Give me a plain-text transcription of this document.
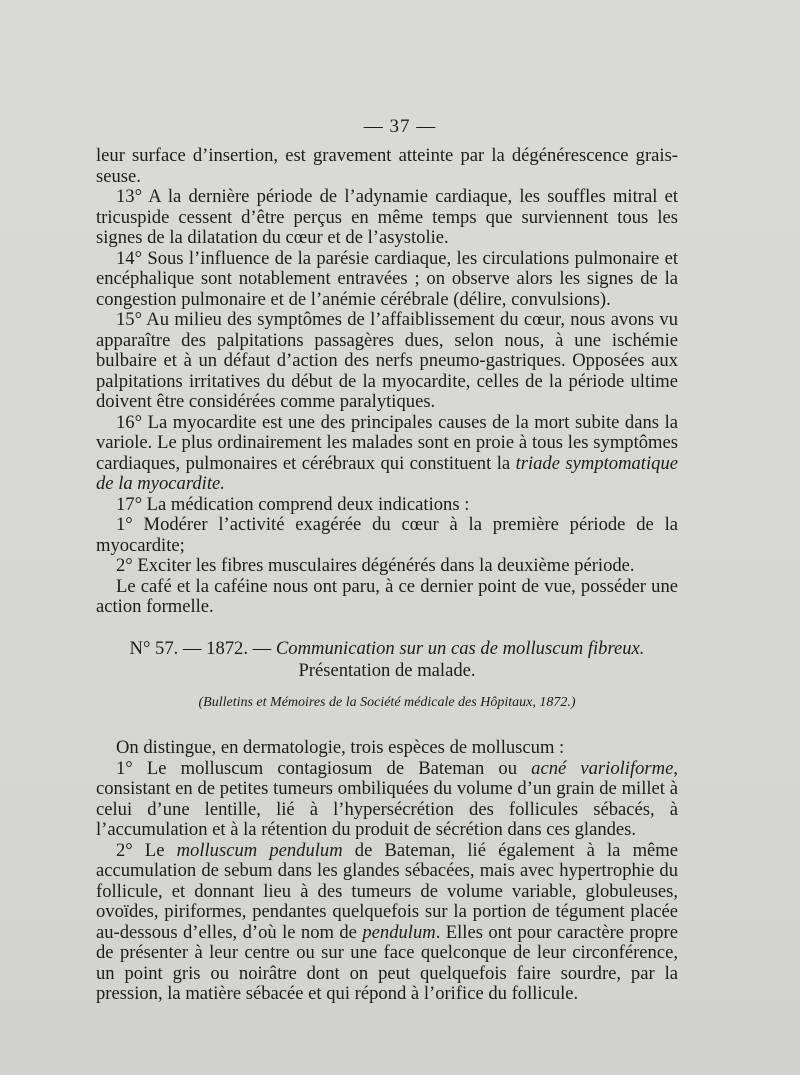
— 37 —

leur surface d’insertion, est gravement atteinte par la dégénérescence grais-seuse.

13° A la dernière période de l’adynamie cardiaque, les souffles mitral et tricuspide cessent d’être perçus en même temps que surviennent tous les signes de la dilatation du cœur et de l’asystolie.

14° Sous l’influence de la parésie cardiaque, les circulations pulmonaire et encéphalique sont notablement entravées ; on observe alors les signes de la congestion pulmonaire et de l’anémie cérébrale (délire, convulsions).

15° Au milieu des symptômes de l’affaiblissement du cœur, nous avons vu apparaître des palpitations passagères dues, selon nous, à une ischémie bulbaire et à un défaut d’action des nerfs pneumo-gastriques. Opposées aux palpitations irritatives du début de la myocardite, celles de la période ultime doivent être considérées comme paralytiques.

16° La myocardite est une des principales causes de la mort subite dans la variole. Le plus ordinairement les malades sont en proie à tous les symptômes cardiaques, pulmonaires et cérébraux qui constituent la triade symptomatique de la myocardite.

17° La médication comprend deux indications :

1° Modérer l’activité exagérée du cœur à la première période de la myocardite;

2° Exciter les fibres musculaires dégénérés dans la deuxième période.

Le café et la caféine nous ont paru, à ce dernier point de vue, posséder une action formelle.

N° 57. — 1872. — Communication sur un cas de molluscum fibreux.
Présentation de malade.
(Bulletins et Mémoires de la Société médicale des Hôpitaux, 1872.)

On distingue, en dermatologie, trois espèces de molluscum :

1° Le molluscum contagiosum de Bateman ou acné varioliforme, consistant en de petites tumeurs ombiliquées du volume d’un grain de millet à celui d’une lentille, lié à l’hypersécrétion des follicules sébacés, à l’accumulation et à la rétention du produit de sécrétion dans ces glandes.

2° Le molluscum pendulum de Bateman, lié également à la même accumulation de sebum dans les glandes sébacées, mais avec hypertrophie du follicule, et donnant lieu à des tumeurs de volume variable, globuleuses, ovoïdes, piriformes, pendantes quelquefois sur la portion de tégument placée au-dessous d’elles, d’où le nom de pendulum. Elles ont pour caractère propre de présenter à leur centre ou sur une face quelconque de leur circonférence, un point gris ou noirâtre dont on peut quelquefois faire sourdre, par la pression, la matière sébacée et qui répond à l’orifice du follicule.
